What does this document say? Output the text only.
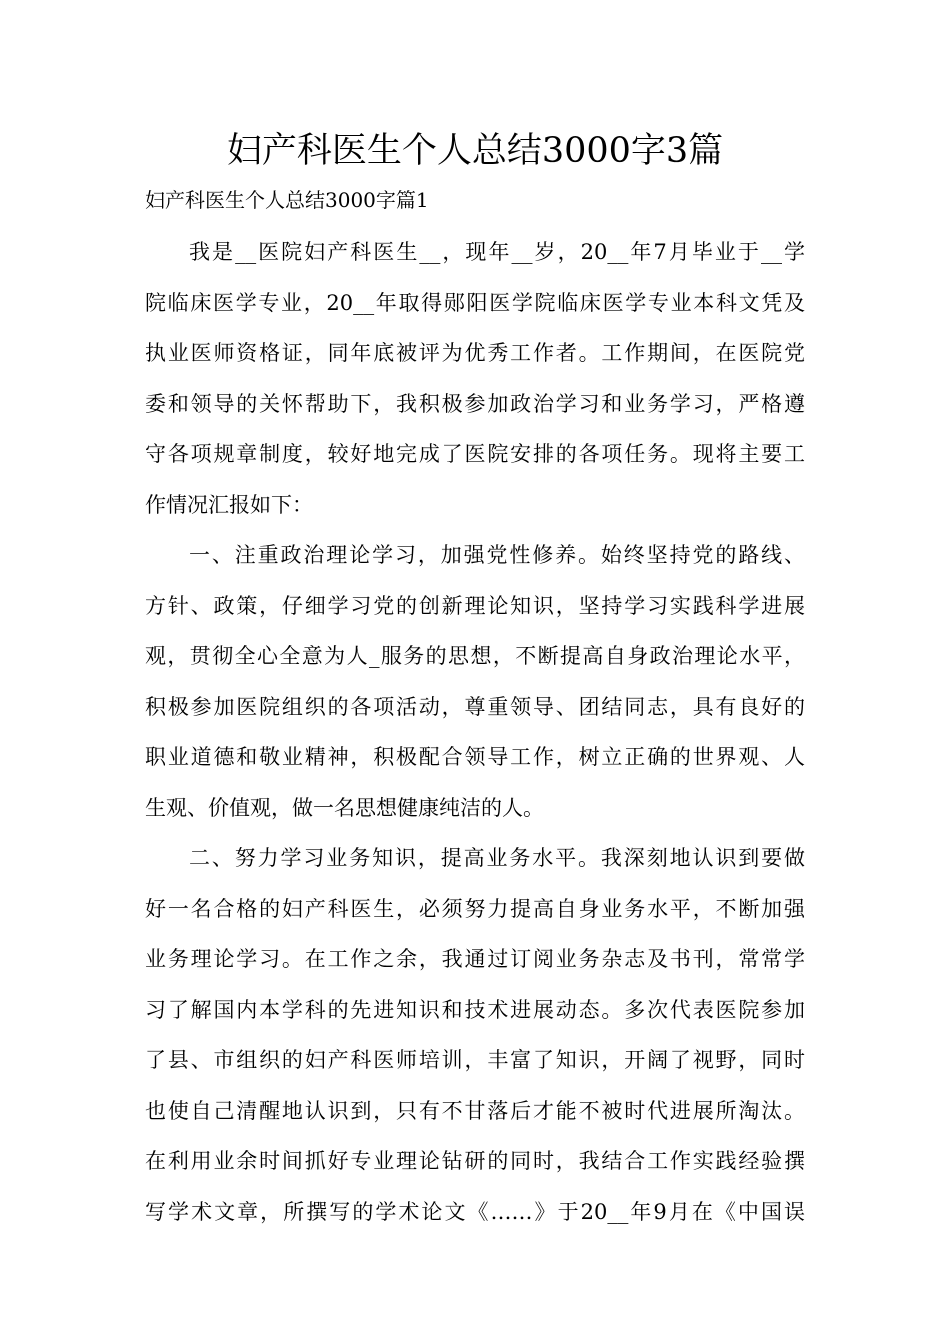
妇产科医生个人总结3000字3篇

妇产科医生个人总结3000字篇1

我是__医院妇产科医生__，现年__岁，20__年7月毕业于__学
院临床医学专业，20__年取得郧阳医学院临床医学专业本科文凭及
执业医师资格证，同年底被评为优秀工作者。工作期间，在医院党
委和领导的关怀帮助下，我积极参加政治学习和业务学习，严格遵
守各项规章制度，较好地完成了医院安排的各项任务。现将主要工
作情况汇报如下：

一、注重政治理论学习，加强党性修养。始终坚持党的路线、
方针、政策，仔细学习党的创新理论知识，坚持学习实践科学进展
观，贯彻全心全意为人_服务的思想，不断提高自身政治理论水平，
积极参加医院组织的各项活动，尊重领导、团结同志，具有良好的
职业道德和敬业精神，积极配合领导工作，树立正确的世界观、人
生观、价值观，做一名思想健康纯洁的人。

二、努力学习业务知识，提高业务水平。我深刻地认识到要做
好一名合格的妇产科医生，必须努力提高自身业务水平，不断加强
业务理论学习。在工作之余，我通过订阅业务杂志及书刊，常常学
习了解国内本学科的先进知识和技术进展动态。多次代表医院参加
了县、市组织的妇产科医师培训，丰富了知识，开阔了视野，同时
也使自己清醒地认识到，只有不甘落后才能不被时代进展所淘汰。
在利用业余时间抓好专业理论钻研的同时，我结合工作实践经验撰
写学术文章，所撰写的学术论文《……》于20__年9月在《中国误
